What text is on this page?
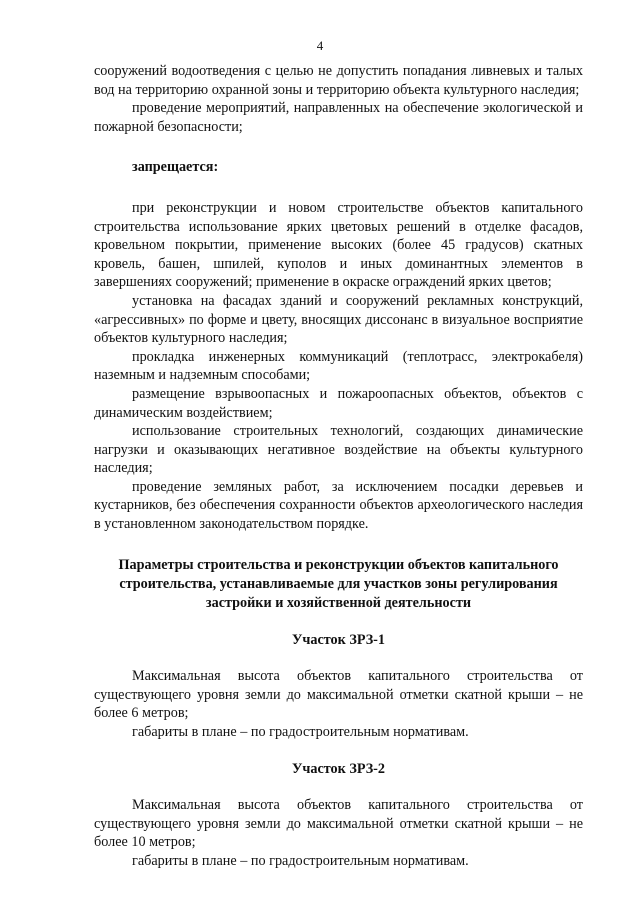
4

сооружений водоотведения с целью не допустить попадания ливневых и талых вод на территорию охранной зоны и территорию объекта культурного наследия;

проведение мероприятий, направленных на обеспечение экологической и пожарной безопасности;

запрещается:

при реконструкции и новом строительстве объектов капитального строительства использование ярких цветовых решений в отделке фасадов, кровельном покрытии, применение высоких (более 45 градусов) скатных кровель, башен, шпилей, куполов и иных доминантных элементов в завершениях сооружений; применение в окраске ограждений ярких цветов;

установка на фасадах зданий и сооружений рекламных конструкций, «агрессивных» по форме и цвету, вносящих диссонанс в визуальное восприятие объектов культурного наследия;

прокладка инженерных коммуникаций (теплотрасс, электрокабеля) наземным и надземным способами;

размещение взрывоопасных и пожароопасных объектов, объектов с динамическим воздействием;

использование строительных технологий, создающих динамические нагрузки и оказывающих негативное воздействие на объекты культурного наследия;

проведение земляных работ, за исключением посадки деревьев и кустарников, без обеспечения сохранности объектов археологического наследия в установленном законодательством порядке.

Параметры строительства и реконструкции объектов капитального строительства, устанавливаемые для участков зоны регулирования застройки и хозяйственной деятельности

Участок ЗРЗ-1

Максимальная высота объектов капитального строительства от существующего уровня земли до максимальной отметки скатной крыши – не более 6 метров;

габариты в плане – по градостроительным нормативам.

Участок ЗРЗ-2

Максимальная высота объектов капитального строительства от существующего уровня земли до максимальной отметки скатной крыши – не более 10 метров;

габариты в плане – по градостроительным нормативам.
